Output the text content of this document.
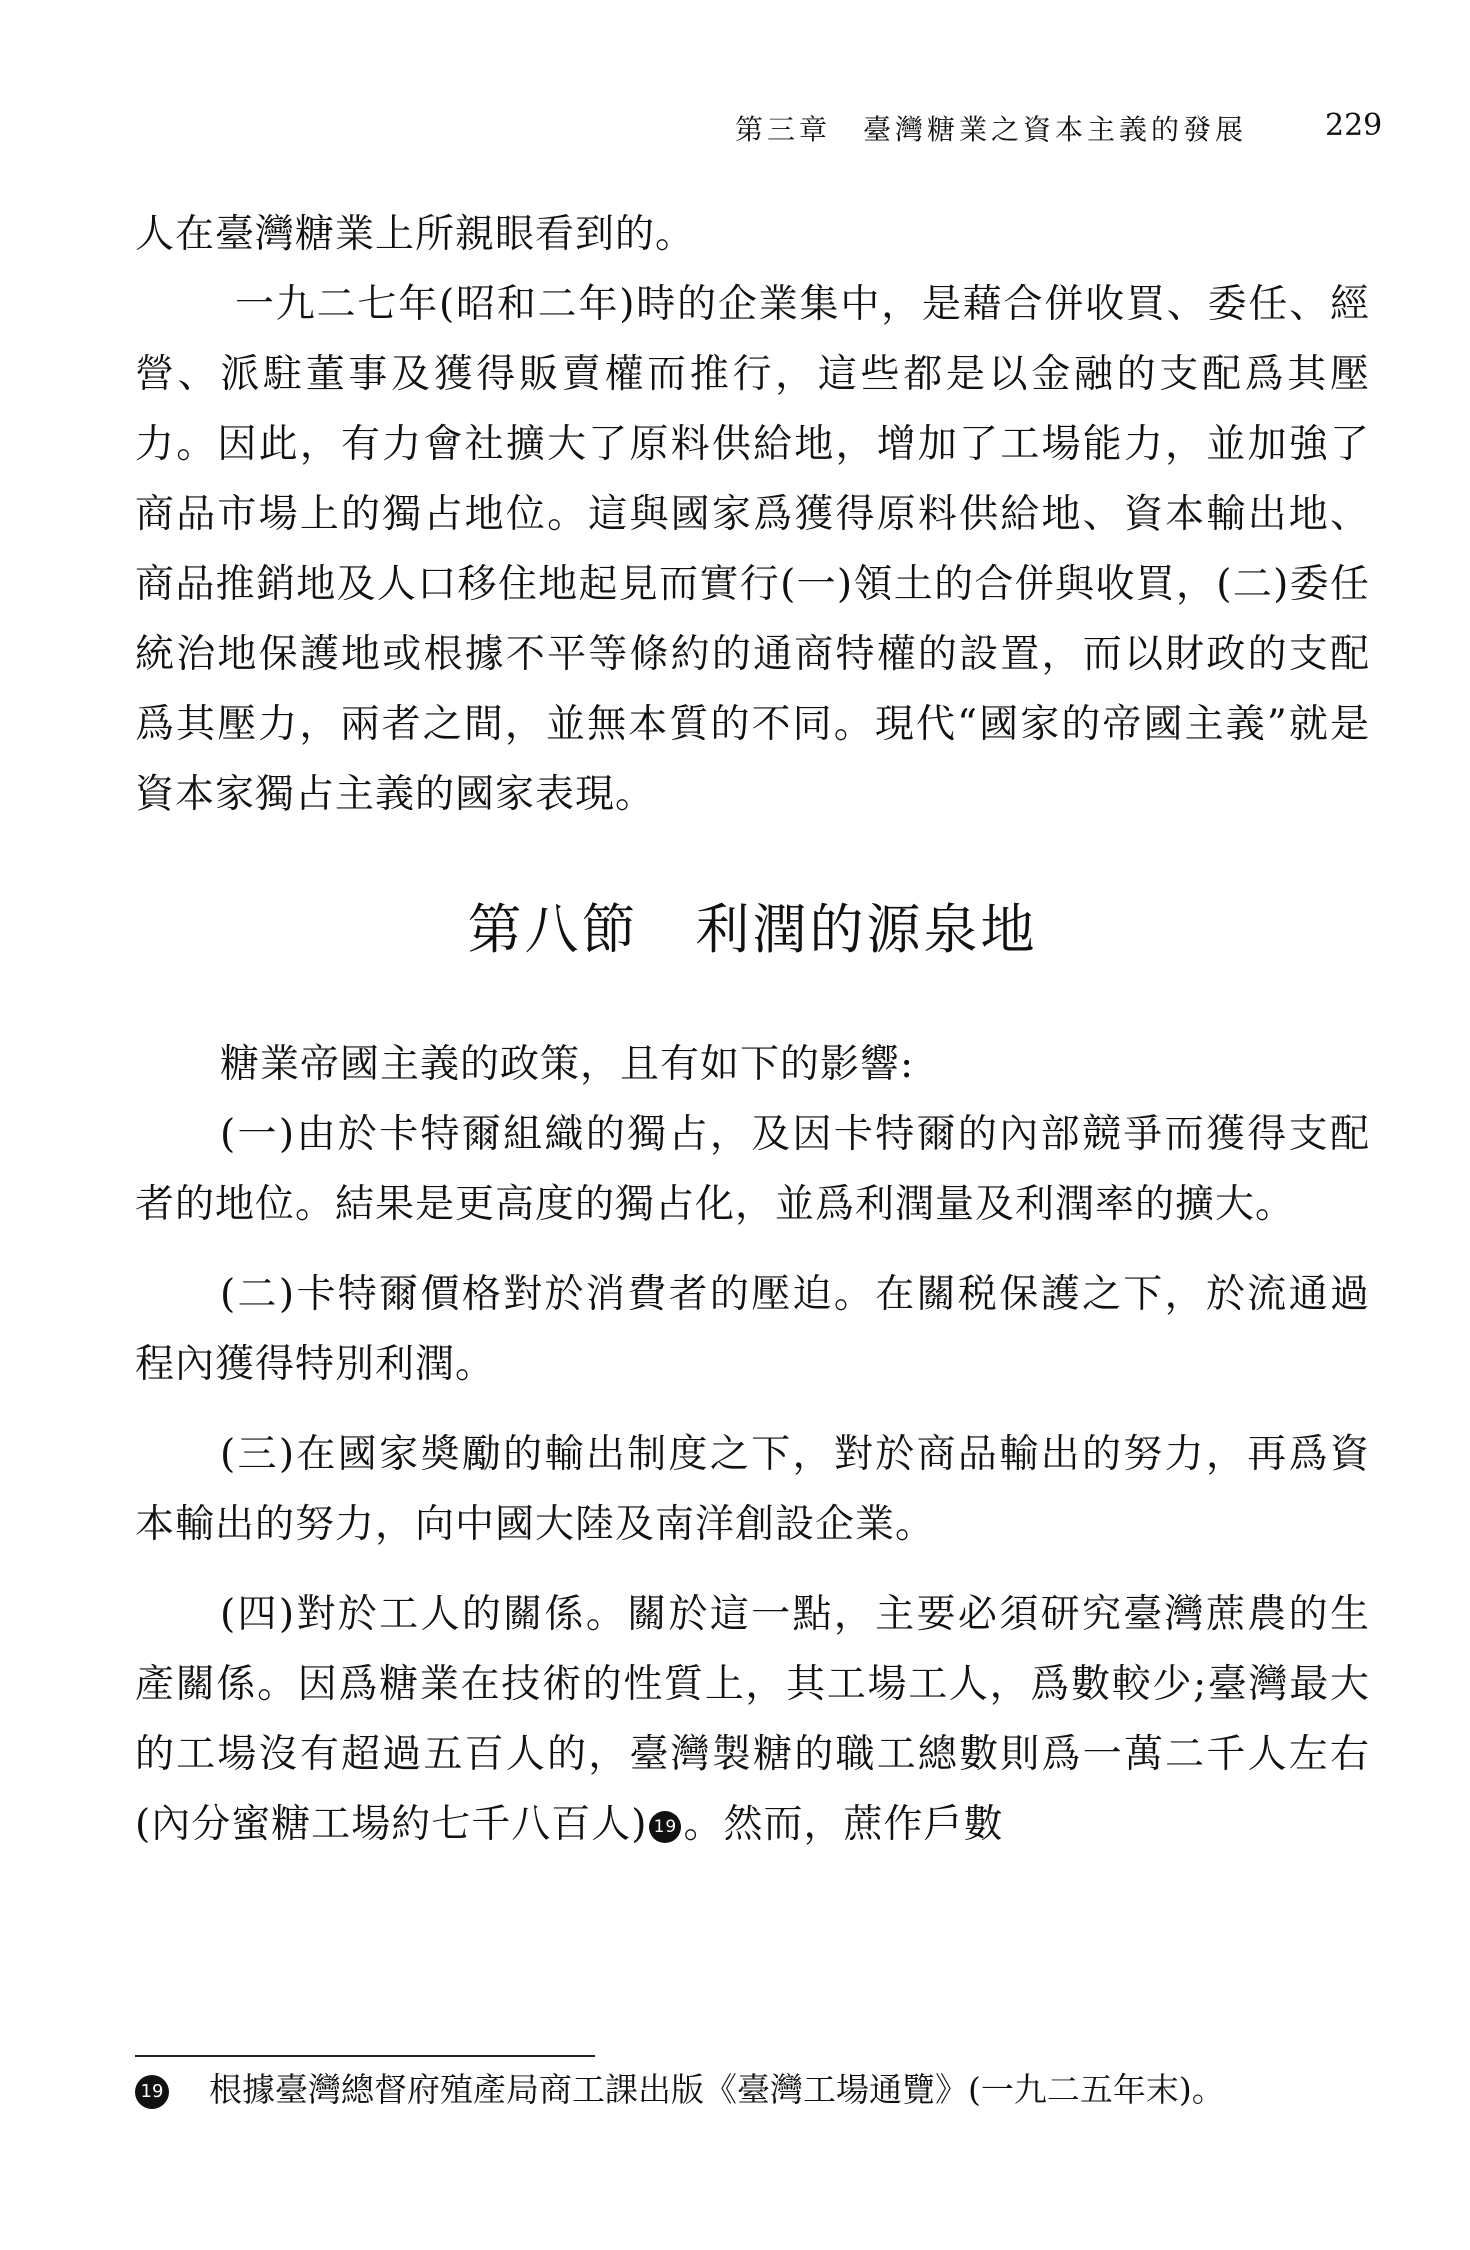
第三章　臺灣糖業之資本主義的發展	229

人在臺灣糖業上所親眼看到的。

一九二七年(昭和二年)時的企業集中，是藉合併收買、委任、經營、派駐董事及獲得販賣權而推行，這些都是以金融的支配爲其壓力。因此，有力會社擴大了原料供給地，增加了工場能力，並加強了商品市場上的獨占地位。這與國家爲獲得原料供給地、資本輸出地、商品推銷地及人口移住地起見而實行(一)領土的合併與收買，(二)委任統治地保護地或根據不平等條約的通商特權的設置，而以財政的支配爲其壓力，兩者之間，並無本質的不同。現代“國家的帝國主義”就是資本家獨占主義的國家表現。

第八節　利潤的源泉地

糖業帝國主義的政策，且有如下的影響:

(一)由於卡特爾組織的獨占，及因卡特爾的內部競爭而獲得支配者的地位。結果是更高度的獨占化，並爲利潤量及利潤率的擴大。

(二)卡特爾價格對於消費者的壓迫。在關税保護之下，於流通過程內獲得特別利潤。

(三)在國家奬勵的輸出制度之下，對於商品輸出的努力，再爲資本輸出的努力，向中國大陸及南洋創設企業。

(四)對於工人的關係。關於這一點，主要必須研究臺灣蔗農的生產關係。因爲糖業在技術的性質上，其工場工人，爲數較少;臺灣最大的工場沒有超過五百人的，臺灣製糖的職工總數則爲一萬二千人左右(內分蜜糖工場約七千八百人) 19 。然而，蔗作戶數

19 根據臺灣總督府殖產局商工課出版《臺灣工場通覽》(一九二五年末)。
